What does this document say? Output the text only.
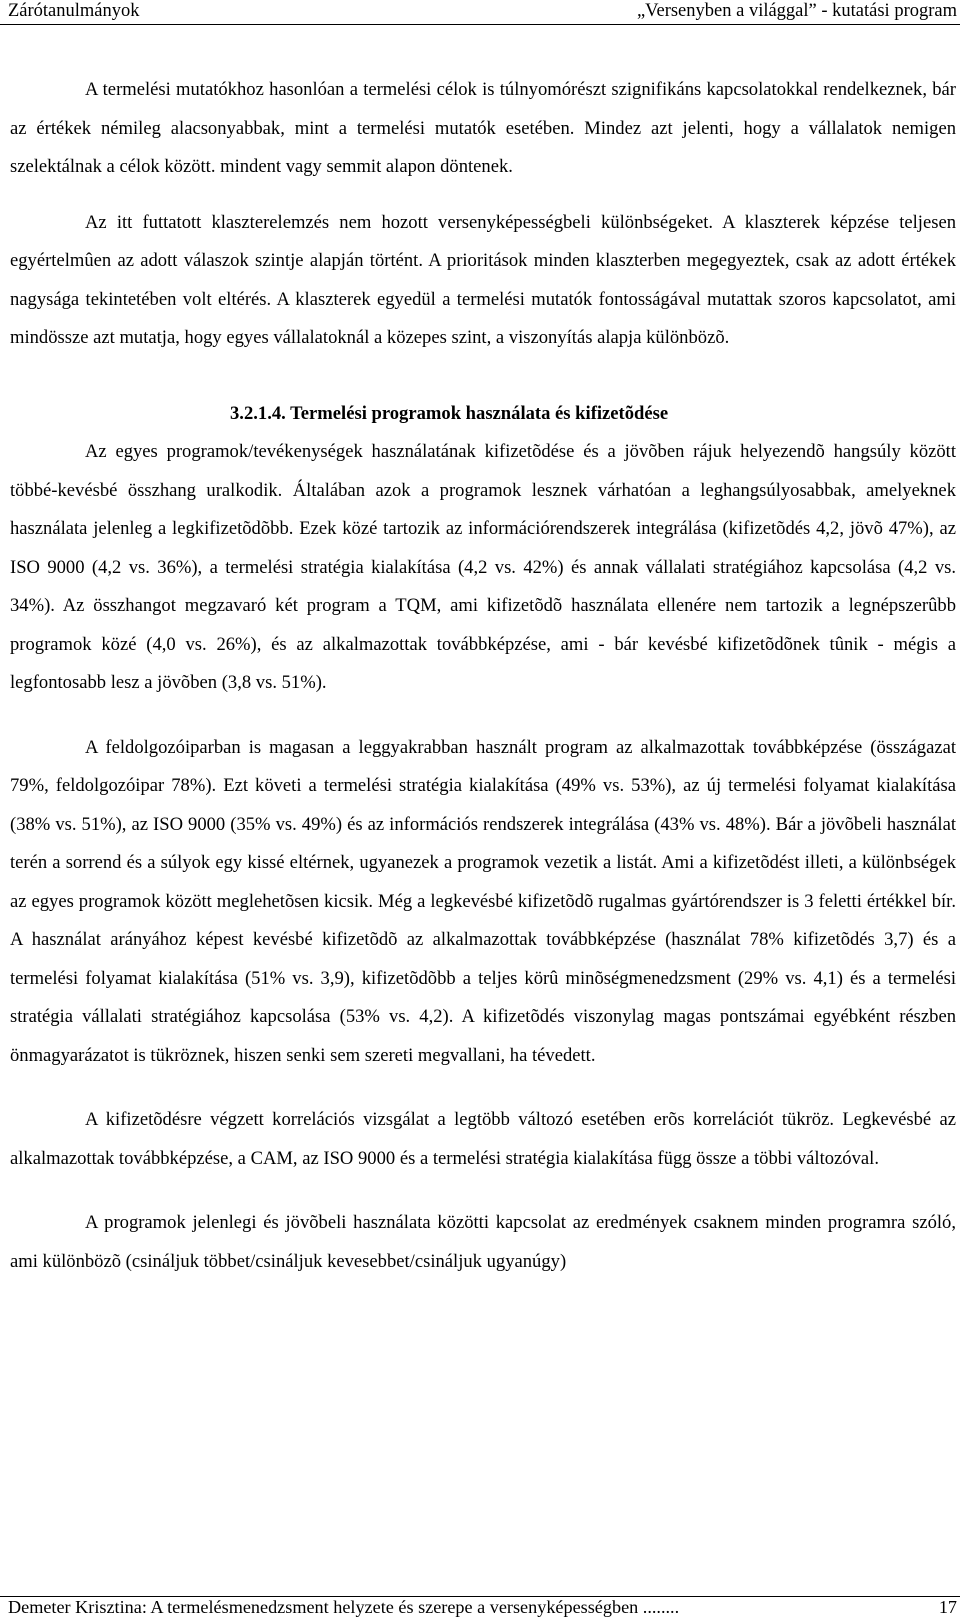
Zárótanulmányok	„Versenyben a világgal” - kutatási program

A termelési mutatókhoz hasonlóan a termelési célok is túlnyomórészt szignifikáns kapcsolatokkal rendelkeznek, bár az értékek némileg alacsonyabbak, mint a termelési mutatók esetében. Mindez azt jelenti, hogy a vállalatok nemigen szelektálnak a célok között. mindent vagy semmit alapon döntenek.

Az itt futtatott klaszterelemzés nem hozott versenyképességbeli különbségeket. A klaszterek képzése teljesen egyértelmûen az adott válaszok szintje alapján történt. A prioritások minden klaszterben megegyeztek, csak az adott értékek nagysága tekintetében volt eltérés. A klaszterek egyedül a termelési mutatók fontosságával mutattak szoros kapcsolatot, ami mindössze azt mutatja, hogy egyes vállalatoknál a közepes szint, a viszonyítás alapja különbözõ.

3.2.1.4. Termelési programok használata és kifizetõdése

Az egyes programok/tevékenységek használatának kifizetõdése és a jövõben rájuk helyezendõ hangsúly között többé-kevésbé összhang uralkodik. Általában azok a programok lesznek várhatóan a leghangsúlyosabbak, amelyeknek használata jelenleg a legkifizetõdõbb. Ezek közé tartozik az információrendszerek integrálása (kifizetõdés 4,2, jövõ 47%), az ISO 9000 (4,2 vs. 36%), a termelési stratégia kialakítása (4,2 vs. 42%) és annak vállalati stratégiához kapcsolása (4,2 vs. 34%). Az összhangot megzavaró két program a TQM, ami kifizetõdõ használata ellenére nem tartozik a legnépszerûbb programok közé (4,0 vs. 26%), és az alkalmazottak továbbképzése, ami - bár kevésbé kifizetõdõnek tûnik - mégis a legfontosabb lesz a jövõben (3,8 vs. 51%).

A feldolgozóiparban is magasan a leggyakrabban használt program az alkalmazottak továbbképzése (összágazat 79%, feldolgozóipar 78%). Ezt követi a termelési stratégia kialakítása (49% vs. 53%), az új termelési folyamat kialakítása (38% vs. 51%), az ISO 9000 (35% vs. 49%) és az információs rendszerek integrálása (43% vs. 48%). Bár a jövõbeli használat terén a sorrend és a súlyok egy kissé eltérnek, ugyanezek a programok vezetik a listát. Ami a kifizetõdést illeti, a különbségek az egyes programok között meglehetõsen kicsik. Még a legkevésbé kifizetõdõ rugalmas gyártórendszer is 3 feletti értékkel bír. A használat arányához képest kevésbé kifizetõdõ az alkalmazottak továbbképzése (használat 78% kifizetõdés 3,7) és a termelési folyamat kialakítása (51% vs. 3,9), kifizetõdõbb a teljes körû minõségmenedzsment (29% vs. 4,1) és a termelési stratégia vállalati stratégiához kapcsolása (53% vs. 4,2). A kifizetõdés viszonylag magas pontszámai egyébként részben önmagyarázatot is tükröznek, hiszen senki sem szereti megvallani, ha tévedett.

A kifizetõdésre végzett korrelációs vizsgálat a legtöbb változó esetében erõs korrelációt tükröz. Legkevésbé az alkalmazottak továbbképzése, a CAM, az ISO 9000 és a termelési stratégia kialakítása függ össze a többi változóval.

A programok jelenlegi és jövõbeli használata közötti kapcsolat az eredmények csaknem minden programra szóló, ami különbözõ (csináljuk többet/csináljuk kevesebbet/csináljuk ugyanúgy)

Demeter Krisztina: A termelésmenedzsment helyzete és szerepe a versenyképességben ........	17
